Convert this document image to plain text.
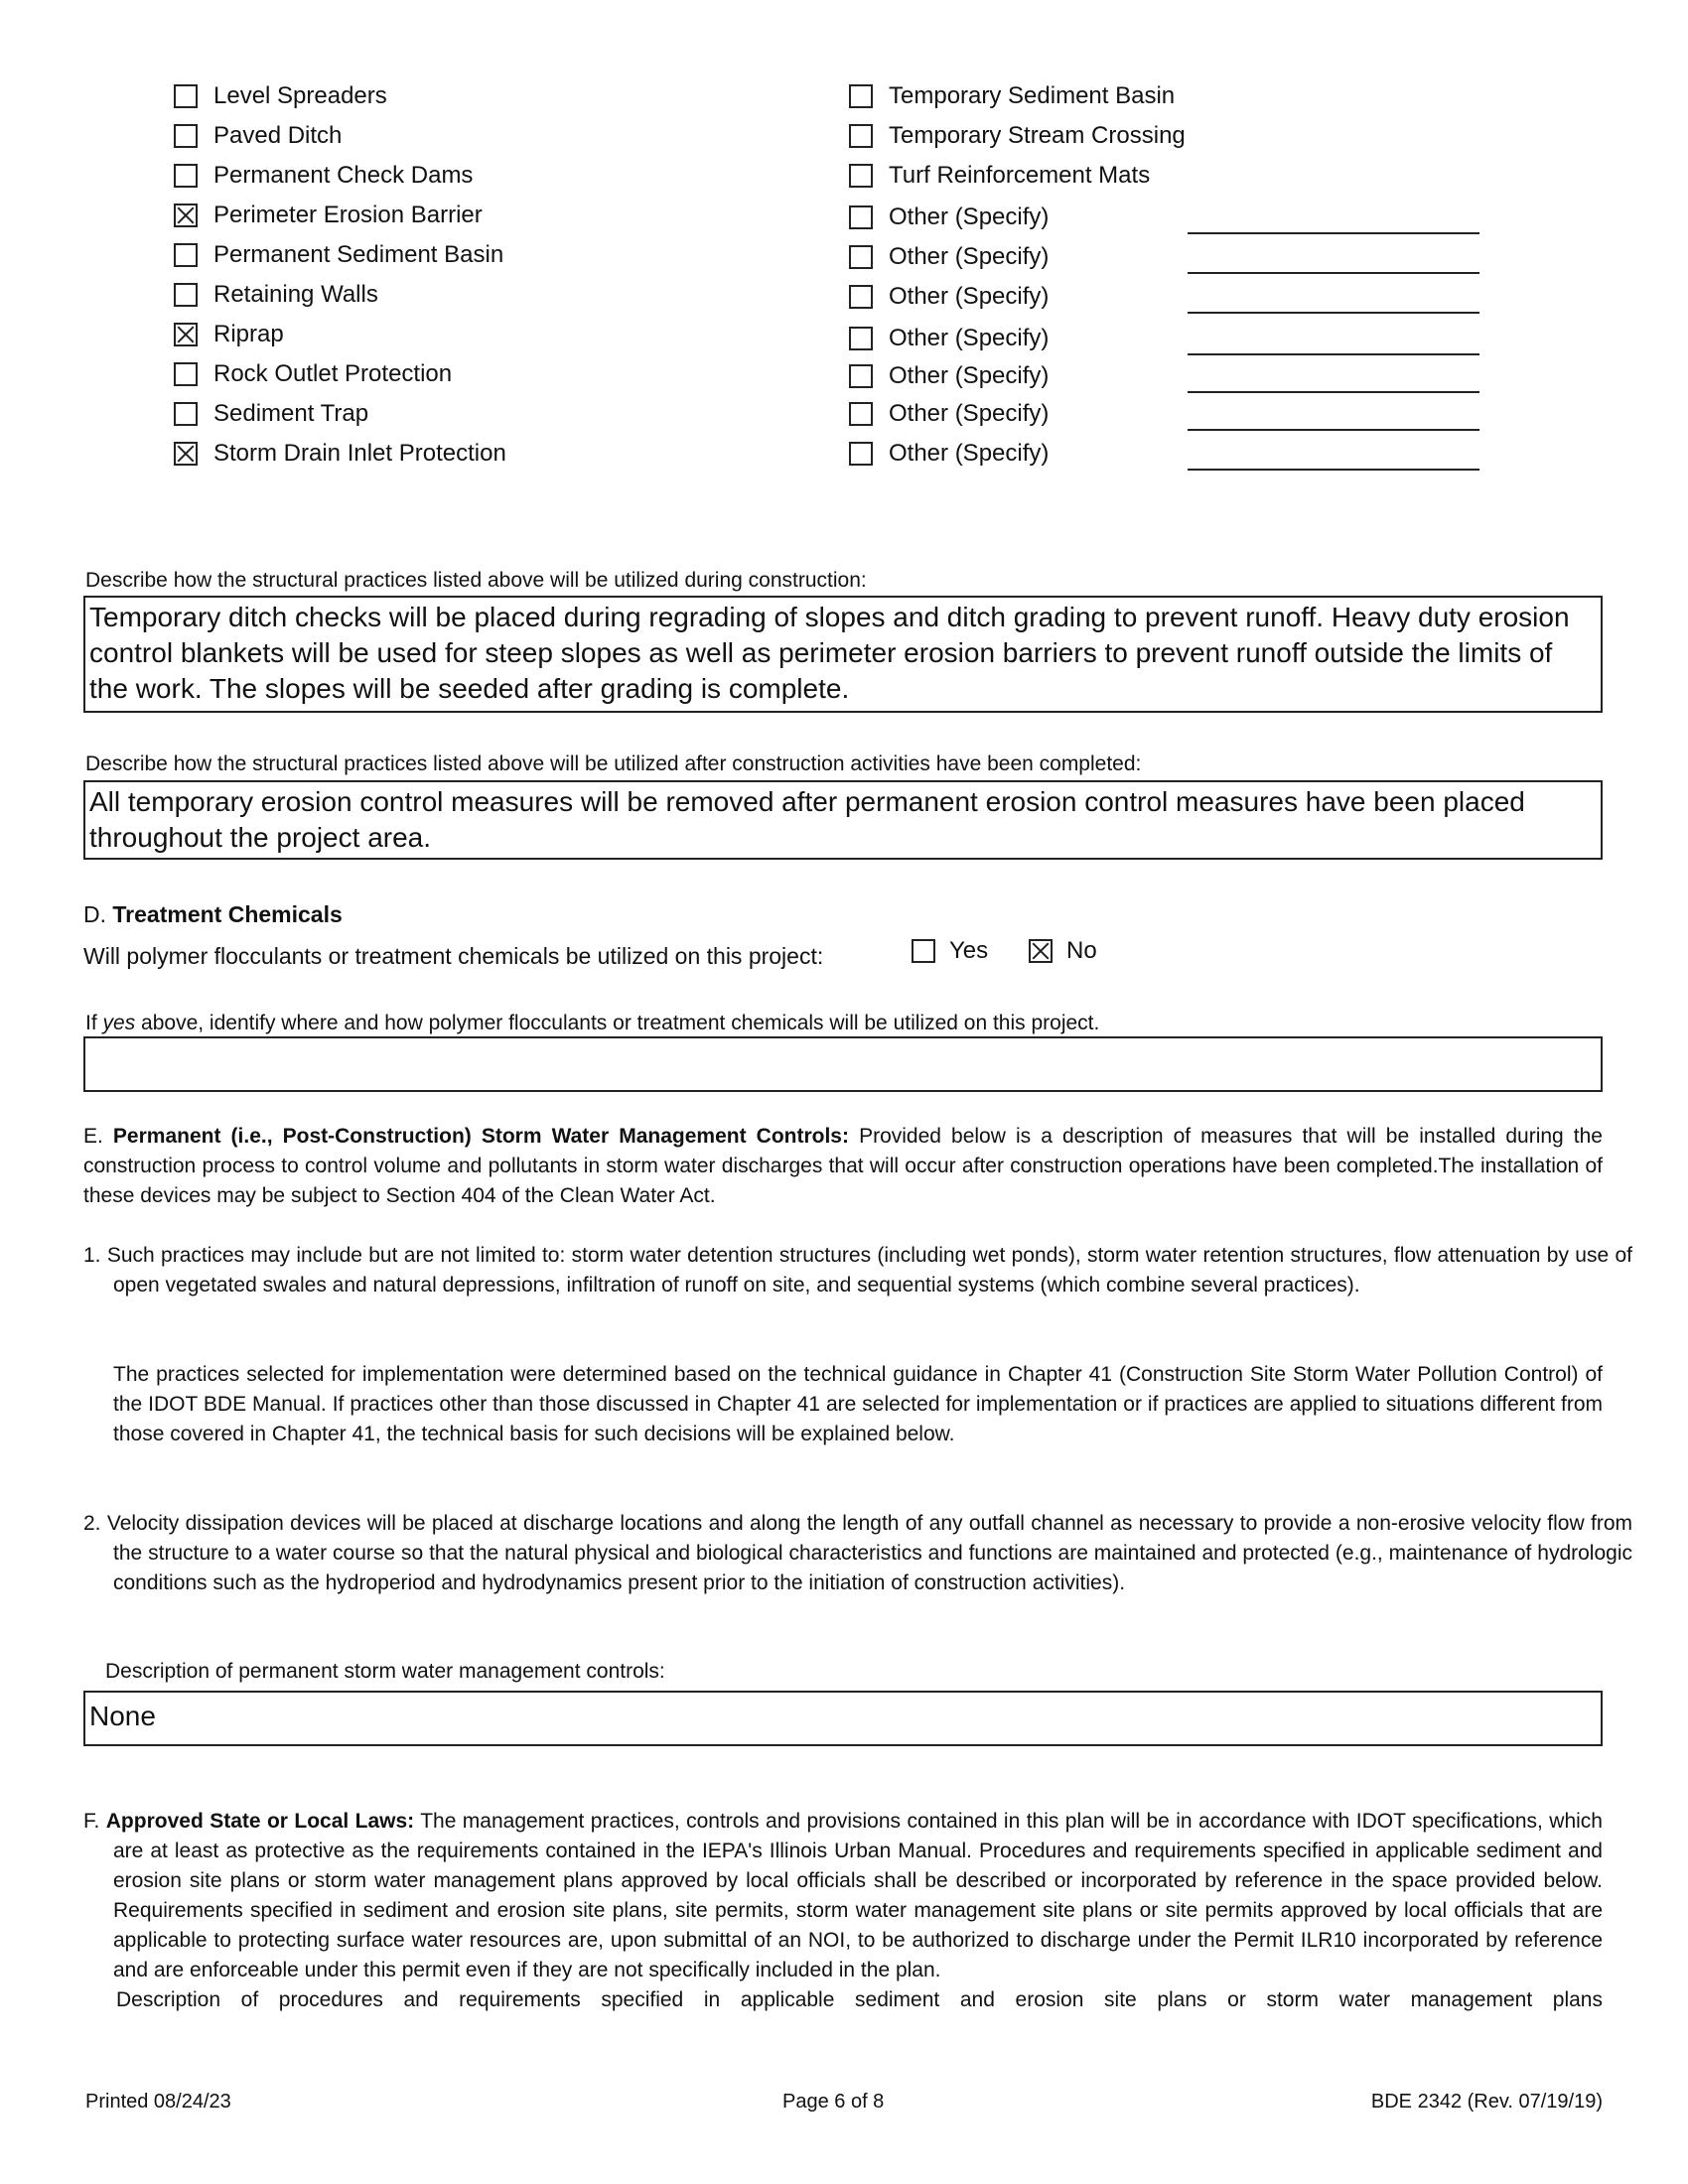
Level Spreaders
Paved Ditch
Permanent Check Dams
Perimeter Erosion Barrier
Permanent Sediment Basin
Retaining Walls
Riprap
Rock Outlet Protection
Sediment Trap
Storm Drain Inlet Protection
Temporary Sediment Basin
Temporary Stream Crossing
Turf Reinforcement Mats
Other (Specify)
Other (Specify)
Other (Specify)
Other (Specify)
Other (Specify)
Other (Specify)
Other (Specify)
Describe how the structural practices listed above will be utilized during construction:
Temporary ditch checks will be placed during regrading of slopes and ditch grading to prevent runoff. Heavy duty erosion control blankets will be used for steep slopes as well as perimeter erosion barriers to prevent runoff outside the limits of the work. The slopes will be seeded after grading is complete.
Describe how the structural practices listed above will be utilized after construction activities have been completed:
All temporary erosion control measures will be removed after permanent erosion control measures have been placed throughout the project area.
D. Treatment Chemicals
Will polymer flocculants or treatment chemicals be utilized on this project:	Yes	No
If yes above, identify where and how polymer flocculants or treatment chemicals will be utilized on this project.
E. Permanent (i.e., Post-Construction) Storm Water Management Controls: Provided below is a description of measures that will be installed during the construction process to control volume and pollutants in storm water discharges that will occur after construction operations have been completed.The installation of these devices may be subject to Section 404 of the Clean Water Act.
1. Such practices may include but are not limited to: storm water detention structures (including wet ponds), storm water retention structures, flow attenuation by use of open vegetated swales and natural depressions, infiltration of runoff on site, and sequential systems (which combine several practices).
The practices selected for implementation were determined based on the technical guidance in Chapter 41 (Construction Site Storm Water Pollution Control) of the IDOT BDE Manual. If practices other than those discussed in Chapter 41 are selected for implementation or if practices are applied to situations different from those covered in Chapter 41, the technical basis for such decisions will be explained below.
2. Velocity dissipation devices will be placed at discharge locations and along the length of any outfall channel as necessary to provide a non-erosive velocity flow from the structure to a water course so that the natural physical and biological characteristics and functions are maintained and protected (e.g., maintenance of hydrologic conditions such as the hydroperiod and hydrodynamics present prior to the initiation of construction activities).
Description of permanent storm water management controls:
None
F. Approved State or Local Laws: The management practices, controls and provisions contained in this plan will be in accordance with IDOT specifications, which are at least as protective as the requirements contained in the IEPA's Illinois Urban Manual. Procedures and requirements specified in applicable sediment and erosion site plans or storm water management plans approved by local officials shall be described or incorporated by reference in the space provided below. Requirements specified in sediment and erosion site plans, site permits, storm water management site plans or site permits approved by local officials that are applicable to protecting surface water resources are, upon submittal of an NOI, to be authorized to discharge under the Permit ILR10 incorporated by reference and are enforceable under this permit even if they are not specifically included in the plan.
Description of procedures and requirements specified in applicable sediment and erosion site plans or storm water management plans
Printed 08/24/23	Page 6 of 8	BDE 2342 (Rev. 07/19/19)
